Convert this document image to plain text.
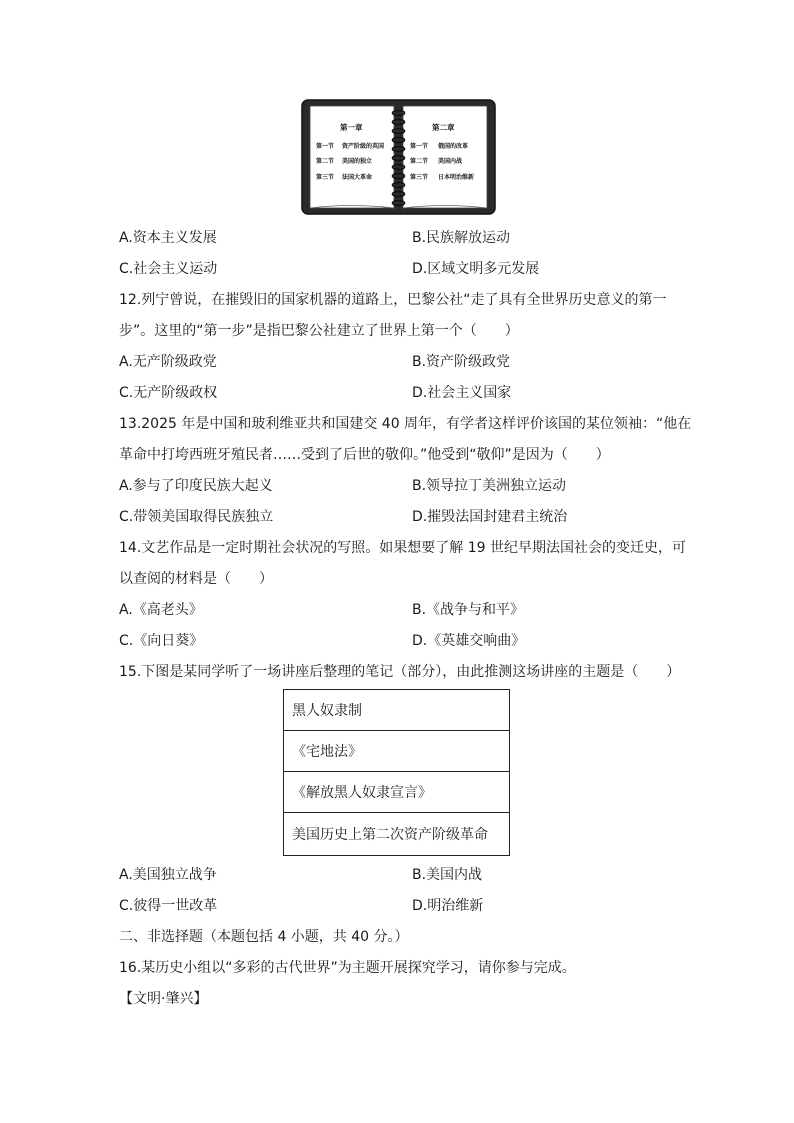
第一章
第一节 资产阶级的英国
第二节 美国的独立
第三节 法国大革命
第二章
第一节 俄国的改革
第二节 美国内战
第三节 日本明治维新
A.资本主义发展	B.民族解放运动
C.社会主义运动	D.区域文明多元发展
12.列宁曾说，在摧毁旧的国家机器的道路上，巴黎公社“走了具有全世界历史意义的第一
步”。这里的“第一步”是指巴黎公社建立了世界上第一个（　　）
A.无产阶级政党	B.资产阶级政党
C.无产阶级政权	D.社会主义国家
13.2025 年是中国和玻利维亚共和国建交 40 周年，有学者这样评价该国的某位领袖：“他在
革命中打垮西班牙殖民者……受到了后世的敬仰。”他受到“敬仰”是因为（　　）
A.参与了印度民族大起义	B.领导拉丁美洲独立运动
C.带领美国取得民族独立	D.摧毁法国封建君主统治
14.文艺作品是一定时期社会状况的写照。如果想要了解 19 世纪早期法国社会的变迁史，可
以查阅的材料是（　　）
A.《高老头》	B.《战争与和平》
C.《向日葵》	D.《英雄交响曲》
15.下图是某同学听了一场讲座后整理的笔记（部分），由此推测这场讲座的主题是（　　）
黑人奴隶制
《宅地法》
《解放黑人奴隶宣言》
美国历史上第二次资产阶级革命
A.美国独立战争	B.美国内战
C.彼得一世改革	D.明治维新
二、非选择题（本题包括 4 小题，共 40 分。）
16.某历史小组以“多彩的古代世界”为主题开展探究学习，请你参与完成。
【文明·肇兴】
